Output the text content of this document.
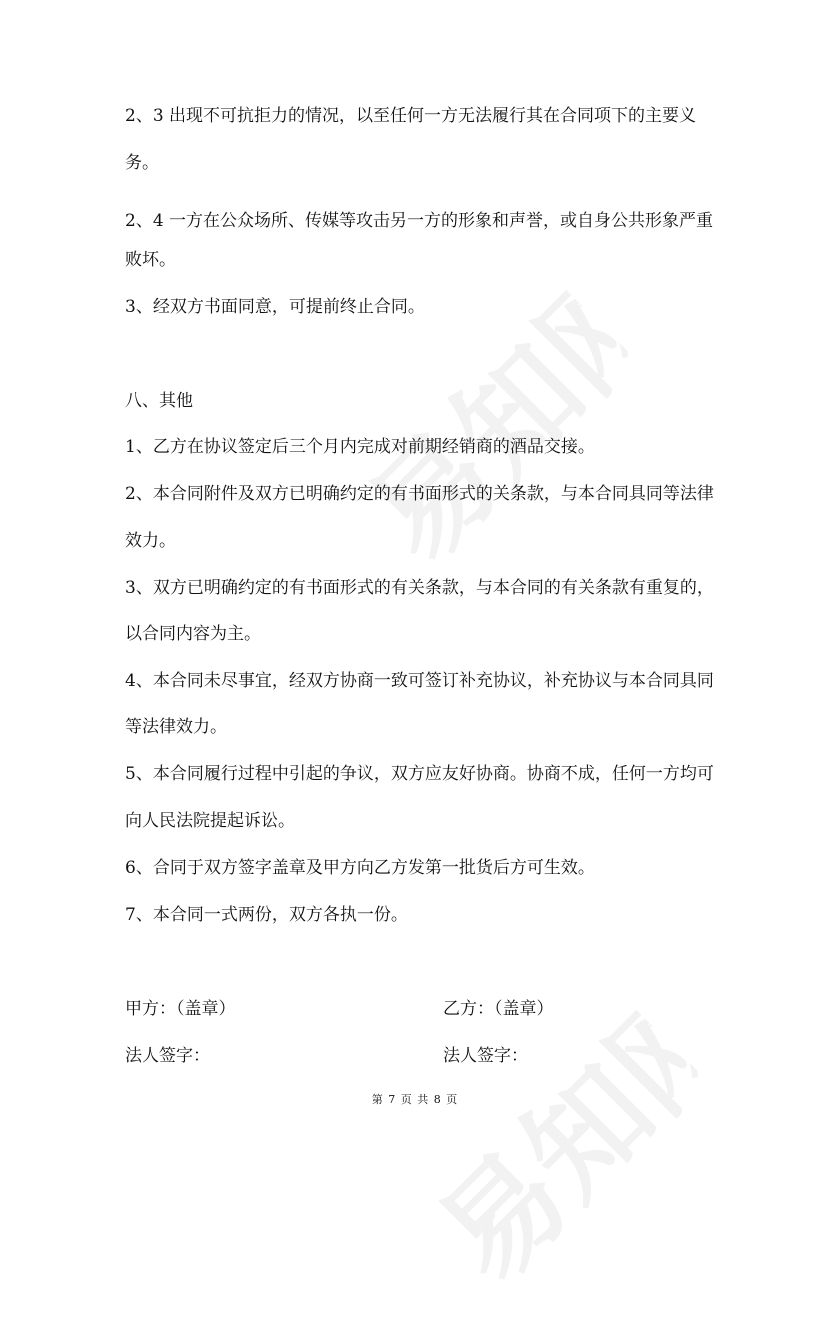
2、3 出现不可抗拒力的情况，以至任何一方无法履行其在合同项下的主要义
务。
2、4 一方在公众场所、传媒等攻击另一方的形象和声誉，或自身公共形象严重
败坏。
3、经双方书面同意，可提前终止合同。
八、其他
1、乙方在协议签定后三个月内完成对前期经销商的酒品交接。
2、本合同附件及双方已明确约定的有书面形式的关条款，与本合同具同等法律
效力。
3、双方已明确约定的有书面形式的有关条款，与本合同的有关条款有重复的，
以合同内容为主。
4、本合同未尽事宜，经双方协商一致可签订补充协议，补充协议与本合同具同
等法律效力。
5、本合同履行过程中引起的争议，双方应友好协商。协商不成，任何一方均可
向人民法院提起诉讼。
6、合同于双方签字盖章及甲方向乙方发第一批货后方可生效。
7、本合同一式两份，双方各执一份。
甲方：（盖章）	乙方：（盖章）
法人签字：	法人签字：
第 7 页 共 8 页
